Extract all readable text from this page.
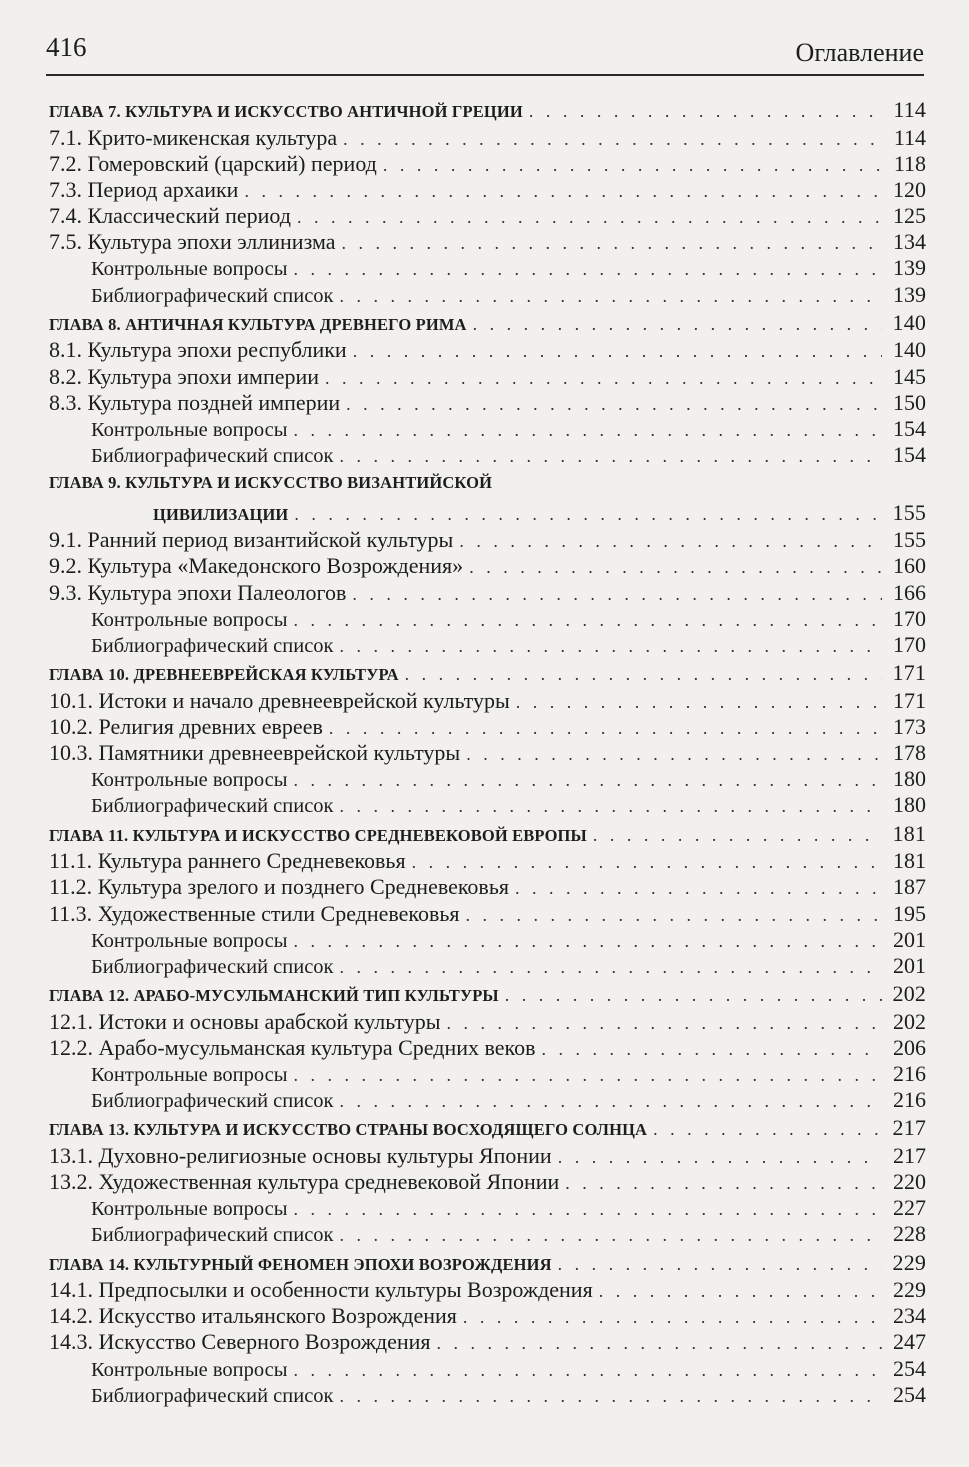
416	Оглавление
ГЛАВА 7. КУЛЬТУРА И ИСКУССТВО АНТИЧНОЙ ГРЕЦИИ . . .	114
7.1. Крито-микенская культура . . .	114
7.2. Гомеровский (царский) период . . .	118
7.3. Период архаики . . .	120
7.4. Классический период . . .	125
7.5. Культура эпохи эллинизма . . .	134
Контрольные вопросы . . .	139
Библиографический список . . .	139
ГЛАВА 8. АНТИЧНАЯ КУЛЬТУРА ДРЕВНЕГО РИМА . . .	140
8.1. Культура эпохи республики . . .	140
8.2. Культура эпохи империи . . .	145
8.3. Культура поздней империи . . .	150
Контрольные вопросы . . .	154
Библиографический список . . .	154
ГЛАВА 9. КУЛЬТУРА И ИСКУССТВО ВИЗАНТИЙСКОЙ
ЦИВИЛИЗАЦИИ . . .	155
9.1. Ранний период византийской культуры . . .	155
9.2. Культура «Македонского Возрождения» . . .	160
9.3. Культура эпохи Палеологов . . .	166
Контрольные вопросы . . .	170
Библиографический список . . .	170
ГЛАВА 10. ДРЕВНЕЕВРЕЙСКАЯ КУЛЬТУРА . . .	171
10.1. Истоки и начало древнееврейской культуры . . .	171
10.2. Религия древних евреев . . .	173
10.3. Памятники древнееврейской культуры . . .	178
Контрольные вопросы . . .	180
Библиографический список . . .	180
ГЛАВА 11. КУЛЬТУРА И ИСКУССТВО СРЕДНЕВЕКОВОЙ ЕВРОПЫ . . .	181
11.1. Культура раннего Средневековья . . .	181
11.2. Культура зрелого и позднего Средневековья . . .	187
11.3. Художественные стили Средневековья . . .	195
Контрольные вопросы . . .	201
Библиографический список . . .	201
ГЛАВА 12. АРАБО-МУСУЛЬМАНСКИЙ ТИП КУЛЬТУРЫ . . .	202
12.1. Истоки и основы арабской культуры . . .	202
12.2. Арабо-мусульманская культура Средних веков . . .	206
Контрольные вопросы . . .	216
Библиографический список . . .	216
ГЛАВА 13. КУЛЬТУРА И ИСКУССТВО СТРАНЫ ВОСХОДЯЩЕГО СОЛНЦА . . .	217
13.1. Духовно-религиозные основы культуры Японии . . .	217
13.2. Художественная культура средневековой Японии . . .	220
Контрольные вопросы . . .	227
Библиографический список . . .	228
ГЛАВА 14. КУЛЬТУРНЫЙ ФЕНОМЕН ЭПОХИ ВОЗРОЖДЕНИЯ . . .	229
14.1. Предпосылки и особенности культуры Возрождения . . .	229
14.2. Искусство итальянского Возрождения . . .	234
14.3. Искусство Северного Возрождения . . .	247
Контрольные вопросы . . .	254
Библиографический список . . .	254
